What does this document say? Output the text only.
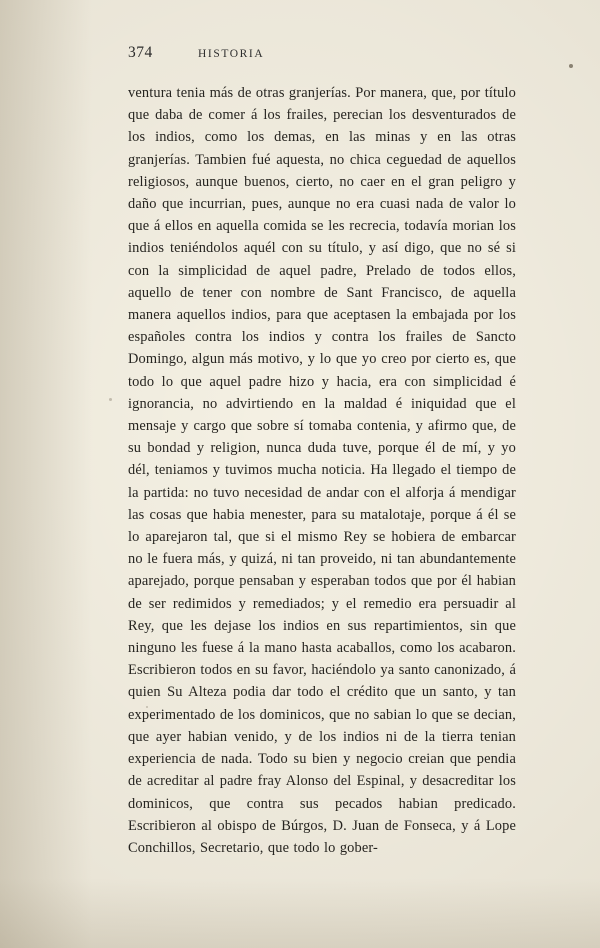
374	HISTORIA

ventura tenia más de otras granjerías. Por manera, que, por título que daba de comer á los frailes, perecian los desventurados de los indios, como los demas, en las minas y en las otras granjerías. Tambien fué aquesta, no chica ceguedad de aquellos religiosos, aunque buenos, cierto, no caer en el gran peligro y daño que incurrian, pues, aunque no era cuasi nada de valor lo que á ellos en aquella comida se les recrecia, todavía morian los indios teniéndolos aquél con su título, y así digo, que no sé si con la simplicidad de aquel padre, Prelado de todos ellos, aquello de tener con nombre de Sant Francisco, de aquella manera aquellos indios, para que aceptasen la embajada por los españoles contra los indios y contra los frailes de Sancto Domingo, algun más motivo, y lo que yo creo por cierto es, que todo lo que aquel padre hizo y hacia, era con simplicidad é ignorancia, no advirtiendo en la maldad é iniquidad que el mensaje y cargo que sobre sí tomaba contenia, y afirmo que, de su bondad y religion, nunca duda tuve, porque él de mí, y yo dél, teniamos y tuvimos mucha noticia. Ha llegado el tiempo de la partida: no tuvo necesidad de andar con el alforja á mendigar las cosas que habia menester, para su matalotaje, porque á él se lo aparejaron tal, que si el mismo Rey se hobiera de embarcar no le fuera más, y quizá, ni tan proveido, ni tan abundantemente aparejado, porque pensaban y esperaban todos que por él habian de ser redimidos y remediados; y el remedio era persuadir al Rey, que les dejase los indios en sus repartimientos, sin que ninguno les fuese á la mano hasta acaballos, como los acabaron. Escribieron todos en su favor, haciéndolo ya santo canonizado, á quien Su Alteza podia dar todo el crédito que un santo, y tan experimentado de los dominicos, que no sabian lo que se decian, que ayer habian venido, y de los indios ni de la tierra tenian experiencia de nada. Todo su bien y negocio creian que pendia de acreditar al padre fray Alonso del Espinal, y desacreditar los dominicos, que contra sus pecados habian predicado. Escribieron al obispo de Búrgos, D. Juan de Fonseca, y á Lope Conchillos, Secretario, que todo lo gober-
